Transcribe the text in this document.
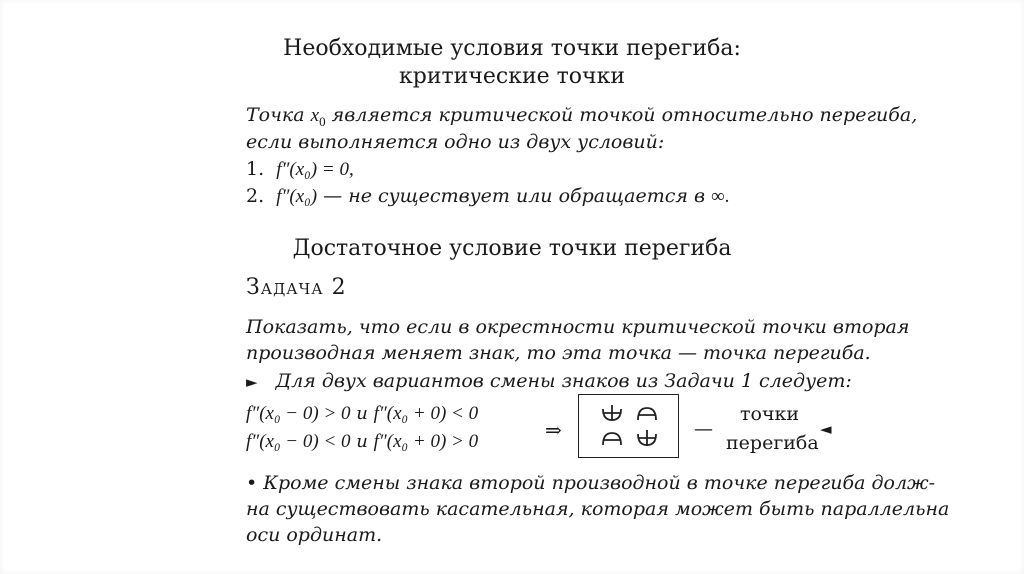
Необходимые условия точки перегиба:
критические точки
Точка $x_0$ является критической точкой относительно перегиба,
если выполняется одно из двух условий:
1. f″(x₀) = 0,
2. f″(x₀) — не существует или обращается в ∞.
Достаточное условие точки перегиба
Задача 2
Показать, что если в окрестности критической точки вторая
производная меняет знак, то эта точка — точка перегиба.
► Для двух вариантов смены знаков из Задачи 1 следует:
f″(x₀ − 0) > 0 и f″(x₀ + 0) < 0
f″(x₀ − 0) < 0 и f″(x₀ + 0) > 0	⇒	—
точки
перегиба
◄
• Кроме смены знака второй производной в точке перегиба долж-
на существовать касательная, которая может быть параллельна
оси ординат.
